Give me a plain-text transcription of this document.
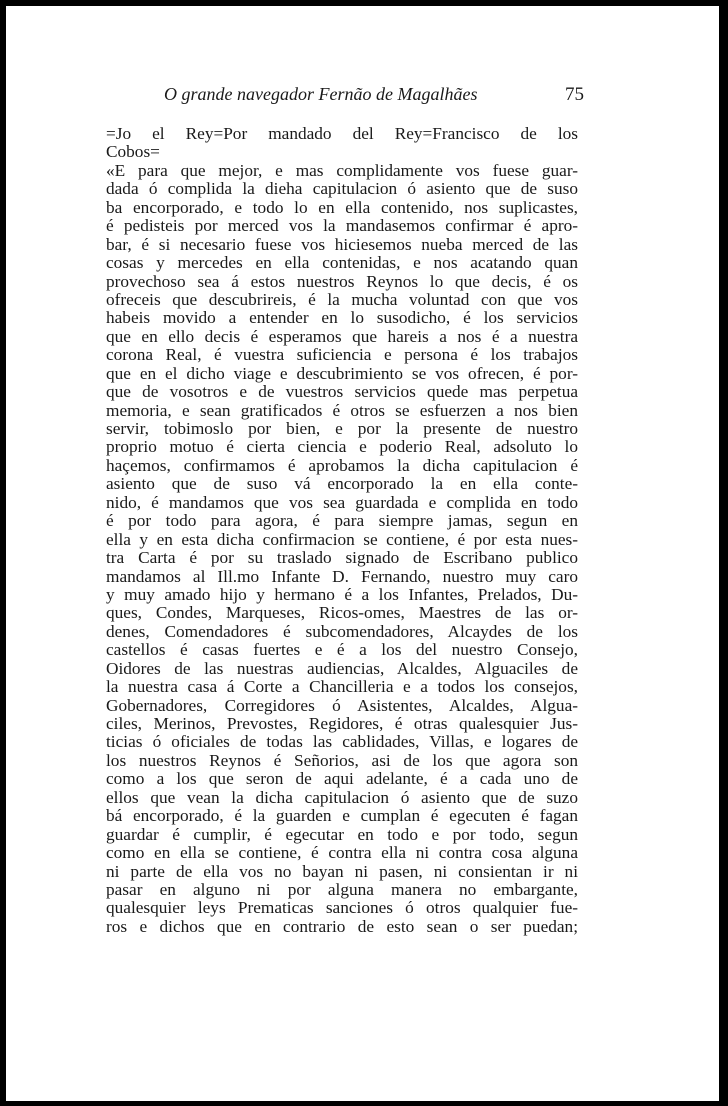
O grande navegador Fernão de Magalhães	75
=Jo el Rey=Por mandado del Rey=Francisco de los
Cobos=
«E para que mejor, e mas complidamente vos fuese guar-
dada ó complida la dieha capitulacion ó asiento que de suso
ba encorporado, e todo lo en ella contenido, nos suplicastes,
é pedisteis por merced vos la mandasemos confirmar é apro-
bar, é si necesario fuese vos hiciesemos nueba merced de las
cosas y mercedes en ella contenidas, e nos acatando quan
provechoso sea á estos nuestros Reynos lo que decis, é os
ofreceis que descubrireis, é la mucha voluntad con que vos
habeis movido a entender en lo susodicho, é los servicios
que en ello decis é esperamos que hareis a nos é a nuestra
corona Real, é vuestra suficiencia e persona é los trabajos
que en el dicho viage e descubrimiento se vos ofrecen, é por-
que de vosotros e de vuestros servicios quede mas perpetua
memoria, e sean gratificados é otros se esfuerzen a nos bien
servir, tobimoslo por bien, e por la presente de nuestro
proprio motuo é cierta ciencia e poderio Real, adsoluto lo
haçemos, confirmamos é aprobamos la dicha capitulacion é
asiento que de suso vá encorporado la en ella conte-
nido, é mandamos que vos sea guardada e complida en todo
é por todo para agora, é para siempre jamas, segun en
ella y en esta dicha confirmacion se contiene, é por esta nues-
tra Carta é por su traslado signado de Escribano publico
mandamos al Ill.mo Infante D. Fernando, nuestro muy caro
y muy amado hijo y hermano é a los Infantes, Prelados, Du-
ques, Condes, Marqueses, Ricos-omes, Maestres de las or-
denes, Comendadores é subcomendadores, Alcaydes de los
castellos é casas fuertes e é a los del nuestro Consejo,
Oidores de las nuestras audiencias, Alcaldes, Alguaciles de
la nuestra casa á Corte a Chancilleria e a todos los consejos,
Gobernadores, Corregidores ó Asistentes, Alcaldes, Algua-
ciles, Merinos, Prevostes, Regidores, é otras qualesquier Jus-
ticias ó oficiales de todas las cablidades, Villas, e logares de
los nuestros Reynos é Señorios, asi de los que agora son
como a los que seron de aqui adelante, é a cada uno de
ellos que vean la dicha capitulacion ó asiento que de suzo
bá encorporado, é la guarden e cumplan é egecuten é fagan
guardar é cumplir, é egecutar en todo e por todo, segun
como en ella se contiene, é contra ella ni contra cosa alguna
ni parte de ella vos no bayan ni pasen, ni consientan ir ni
pasar en alguno ni por alguna manera no embargante,
qualesquier leys Prematicas sanciones ó otros qualquier fue-
ros e dichos que en contrario de esto sean o ser puedan;
